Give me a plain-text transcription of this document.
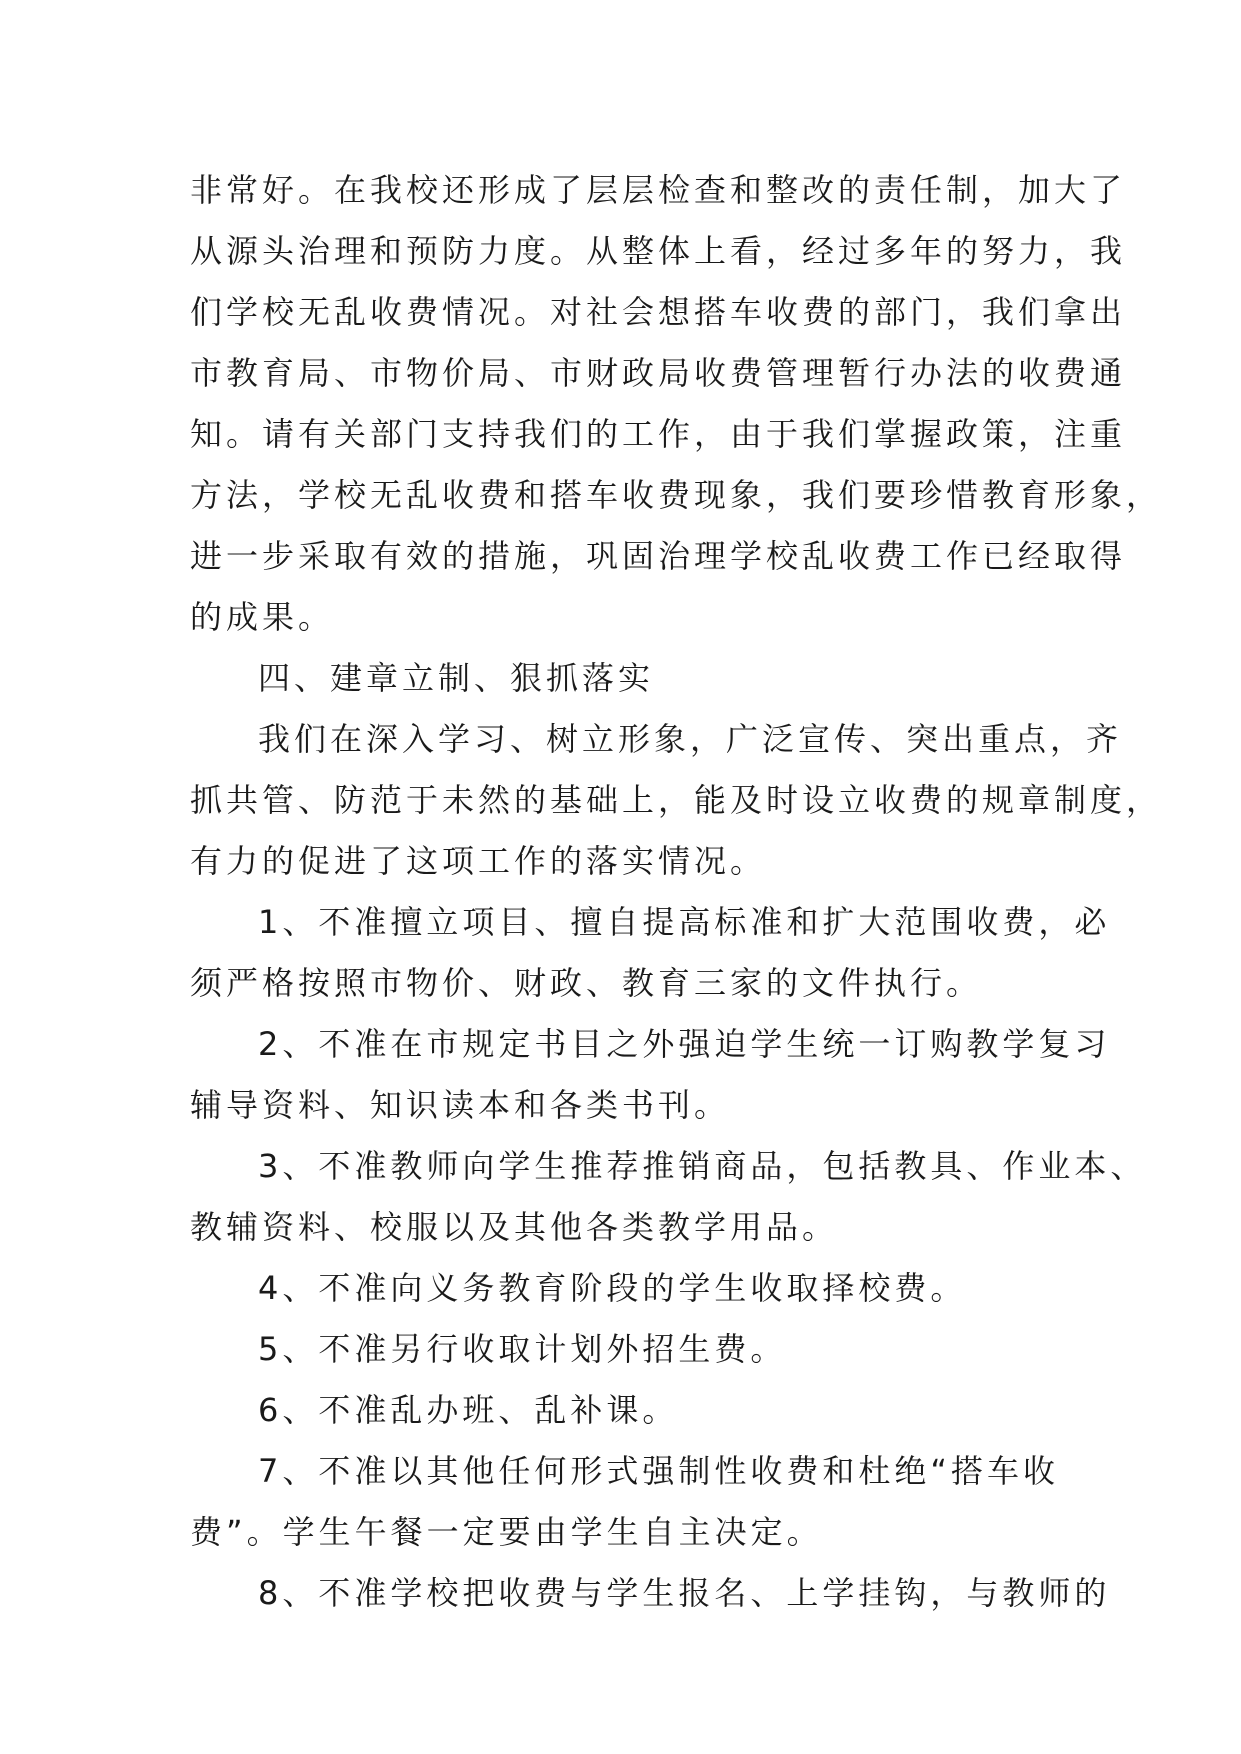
非常好。在我校还形成了层层检查和整改的责任制，加大了
从源头治理和预防力度。从整体上看，经过多年的努力，我
们学校无乱收费情况。对社会想搭车收费的部门，我们拿出
市教育局、市物价局、市财政局收费管理暂行办法的收费通
知。请有关部门支持我们的工作，由于我们掌握政策，注重
方法，学校无乱收费和搭车收费现象，我们要珍惜教育形象，
进一步采取有效的措施，巩固治理学校乱收费工作已经取得
的成果。
四、建章立制、狠抓落实
我们在深入学习、树立形象，广泛宣传、突出重点，齐
抓共管、防范于未然的基础上，能及时设立收费的规章制度，
有力的促进了这项工作的落实情况。
1、不准擅立项目、擅自提高标准和扩大范围收费，必
须严格按照市物价、财政、教育三家的文件执行。
2、不准在市规定书目之外强迫学生统一订购教学复习
辅导资料、知识读本和各类书刊。
3、不准教师向学生推荐推销商品，包括教具、作业本、
教辅资料、校服以及其他各类教学用品。
4、不准向义务教育阶段的学生收取择校费。
5、不准另行收取计划外招生费。
6、不准乱办班、乱补课。
7、不准以其他任何形式强制性收费和杜绝“搭车收
费”。学生午餐一定要由学生自主决定。
8、不准学校把收费与学生报名、上学挂钩，与教师的
